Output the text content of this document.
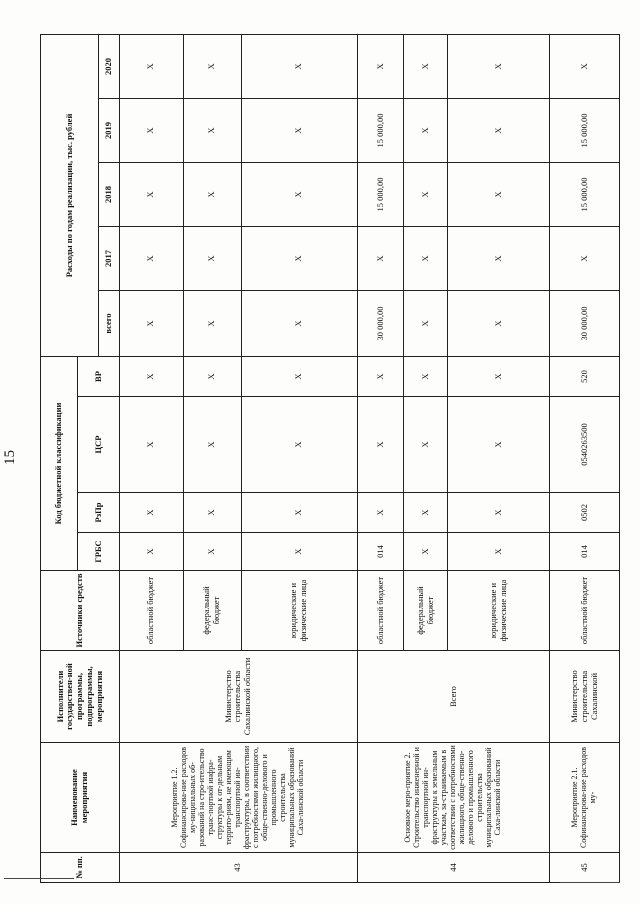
15
№ пп.	Наименование мероприятия	Исполнители государствен-ной программы, подпрограммы, мероприятия	Источники средств	Код бюджетной классификации				Расходы по годам реализации, тыс. рублей				
				ГРБС	РзПр	ЦСР	ВР					
								всего	2017	2018	2019	2020
43	Мероприятие 1.2. Софинансирова-ние расходов му-ниципальных об-разований на стро-ительство транс-портной инфра-структуры к от-дельным террито-риям, не имеющим транспортной ин-фраструктуры, в соответствии с потребностями жилищного, обще-ственно-делового и промышленного строительства муниципальных образований Саха-линской области	Министерство строительства Сахалинской области	областной бюджет	X	X	X	X	X	X	X	X	X
			федеральный бюджет	X	X	X	X	X	X	X	X	X
			юридические и физические лица	X	X	X	X	X	X	X	X	X
44	Основное меро-приятие 2. Строительство инженерной и транспортной ин-фраструктуры к земельным участкам, за-страиваемым в соответствии с потребностями жилищного, обще-ственно-делового и промышленного строительства муниципальных образований Саха-линской области	Всего	областной бюджет	014	X	X	X	30 000,00	X	15 000,00	15 000,00	X
			федеральный бюджет	X	X	X	X	X	X	X	X	X
			юридические и физические лица	X	X	X	X	X	X	X	X	X
45	Мероприятие 2.1. Софинансирова-ние расходов му-	Министерство строительства Сахалинской	областной бюджет	014	0502	0540263500	520	30 000,00	X	15 000,00	15 000,00	X
